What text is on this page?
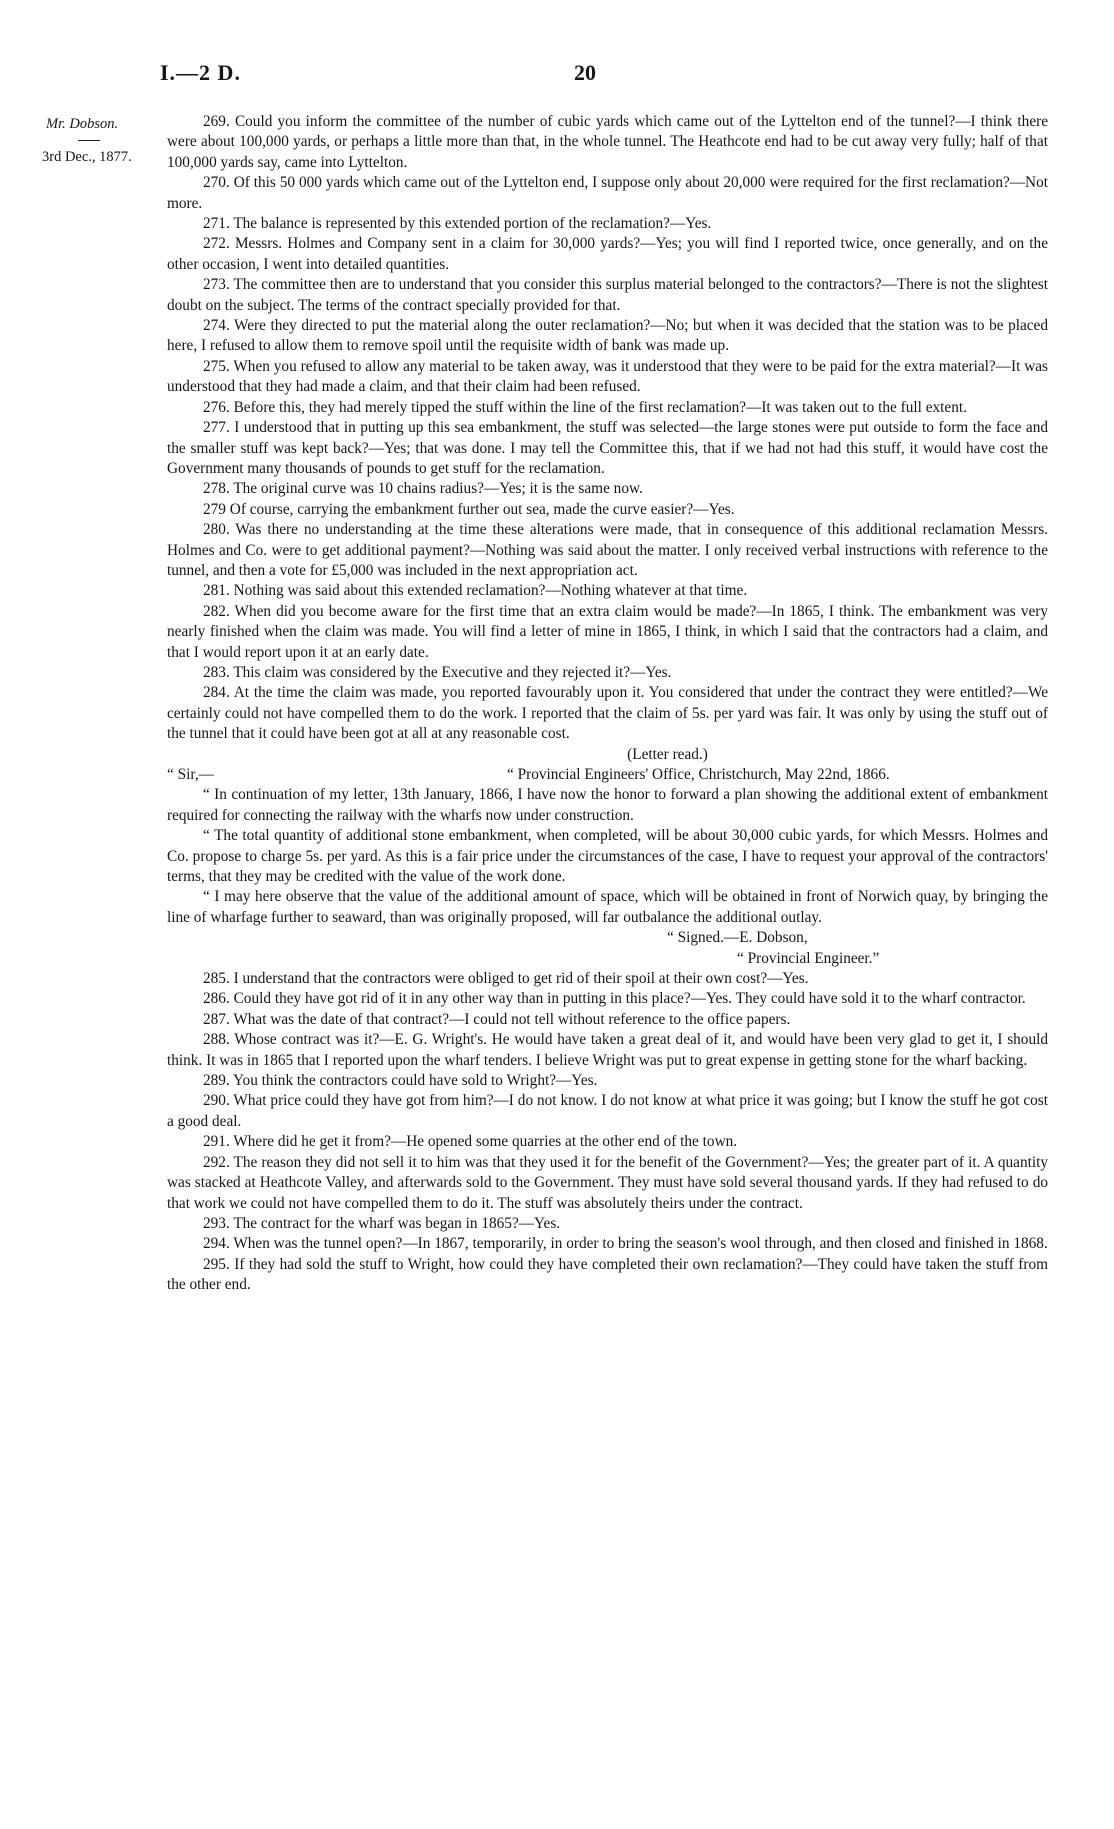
I.—2 D.	20
Mr. Dobson.
3rd Dec., 1877.

269. Could you inform the committee of the number of cubic yards which came out of the Lyttelton end of the tunnel?—I think there were about 100,000 yards, or perhaps a little more than that, in the whole tunnel. The Heathcote end had to be cut away very fully; half of that 100,000 yards say, came into Lyttelton.

270. Of this 50 000 yards which came out of the Lyttelton end, I suppose only about 20,000 were required for the first reclamation?—Not more.

271. The balance is represented by this extended portion of the reclamation?—Yes.

272. Messrs. Holmes and Company sent in a claim for 30,000 yards?—Yes; you will find I reported twice, once generally, and on the other occasion, I went into detailed quantities.

273. The committee then are to understand that you consider this surplus material belonged to the contractors?—There is not the slightest doubt on the subject. The terms of the contract specially provided for that.

274. Were they directed to put the material along the outer reclamation?—No; but when it was decided that the station was to be placed here, I refused to allow them to remove spoil until the requisite width of bank was made up.

275. When you refused to allow any material to be taken away, was it understood that they were to be paid for the extra material?—It was understood that they had made a claim, and that their claim had been refused.

276. Before this, they had merely tipped the stuff within the line of the first reclamation?—It was taken out to the full extent.

277. I understood that in putting up this sea embankment, the stuff was selected—the large stones were put outside to form the face and the smaller stuff was kept back?—Yes; that was done. I may tell the Committee this, that if we had not had this stuff, it would have cost the Government many thousands of pounds to get stuff for the reclamation.

278. The original curve was 10 chains radius?—Yes; it is the same now.

279 Of course, carrying the embankment further out sea, made the curve easier?—Yes.

280. Was there no understanding at the time these alterations were made, that in consequence of this additional reclamation Messrs. Holmes and Co. were to get additional payment?—Nothing was said about the matter. I only received verbal instructions with reference to the tunnel, and then a vote for £5,000 was included in the next appropriation act.

281. Nothing was said about this extended reclamation?—Nothing whatever at that time.

282. When did you become aware for the first time that an extra claim would be made?—In 1865, I think. The embankment was very nearly finished when the claim was made. You will find a letter of mine in 1865, I think, in which I said that the contractors had a claim, and that I would report upon it at an early date.

283. This claim was considered by the Executive and they rejected it?—Yes.

284. At the time the claim was made, you reported favourably upon it. You considered that under the contract they were entitled?—We certainly could not have compelled them to do the work. I reported that the claim of 5s. per yard was fair. It was only by using the stuff out of the tunnel that it could have been got at all at any reasonable cost.

(Letter read.)

“ Sir,—	“ Provincial Engineers' Office, Christchurch, May 22nd, 1866.

“ In continuation of my letter, 13th January, 1866, I have now the honor to forward a plan showing the additional extent of embankment required for connecting the railway with the wharfs now under construction.

“ The total quantity of additional stone embankment, when completed, will be about 30,000 cubic yards, for which Messrs. Holmes and Co. propose to charge 5s. per yard. As this is a fair price under the circumstances of the case, I have to request your approval of the contractors' terms, that they may be credited with the value of the work done.

“ I may here observe that the value of the additional amount of space, which will be obtained in front of Norwich quay, by bringing the line of wharfage further to seaward, than was originally proposed, will far outbalance the additional outlay.

“ Signed.—E. Dobson,

“ Provincial Engineer.”

285. I understand that the contractors were obliged to get rid of their spoil at their own cost?—Yes.

286. Could they have got rid of it in any other way than in putting in this place?—Yes. They could have sold it to the wharf contractor.

287. What was the date of that contract?—I could not tell without reference to the office papers.

288. Whose contract was it?—E. G. Wright's. He would have taken a great deal of it, and would have been very glad to get it, I should think. It was in 1865 that I reported upon the wharf tenders. I believe Wright was put to great expense in getting stone for the wharf backing.

289. You think the contractors could have sold to Wright?—Yes.

290. What price could they have got from him?—I do not know. I do not know at what price it was going; but I know the stuff he got cost a good deal.

291. Where did he get it from?—He opened some quarries at the other end of the town.

292. The reason they did not sell it to him was that they used it for the benefit of the Government?—Yes; the greater part of it. A quantity was stacked at Heathcote Valley, and afterwards sold to the Government. They must have sold several thousand yards. If they had refused to do that work we could not have compelled them to do it. The stuff was absolutely theirs under the contract.

293. The contract for the wharf was began in 1865?—Yes.

294. When was the tunnel open?—In 1867, temporarily, in order to bring the season's wool through, and then closed and finished in 1868.

295. If they had sold the stuff to Wright, how could they have completed their own reclamation?—They could have taken the stuff from the other end.
